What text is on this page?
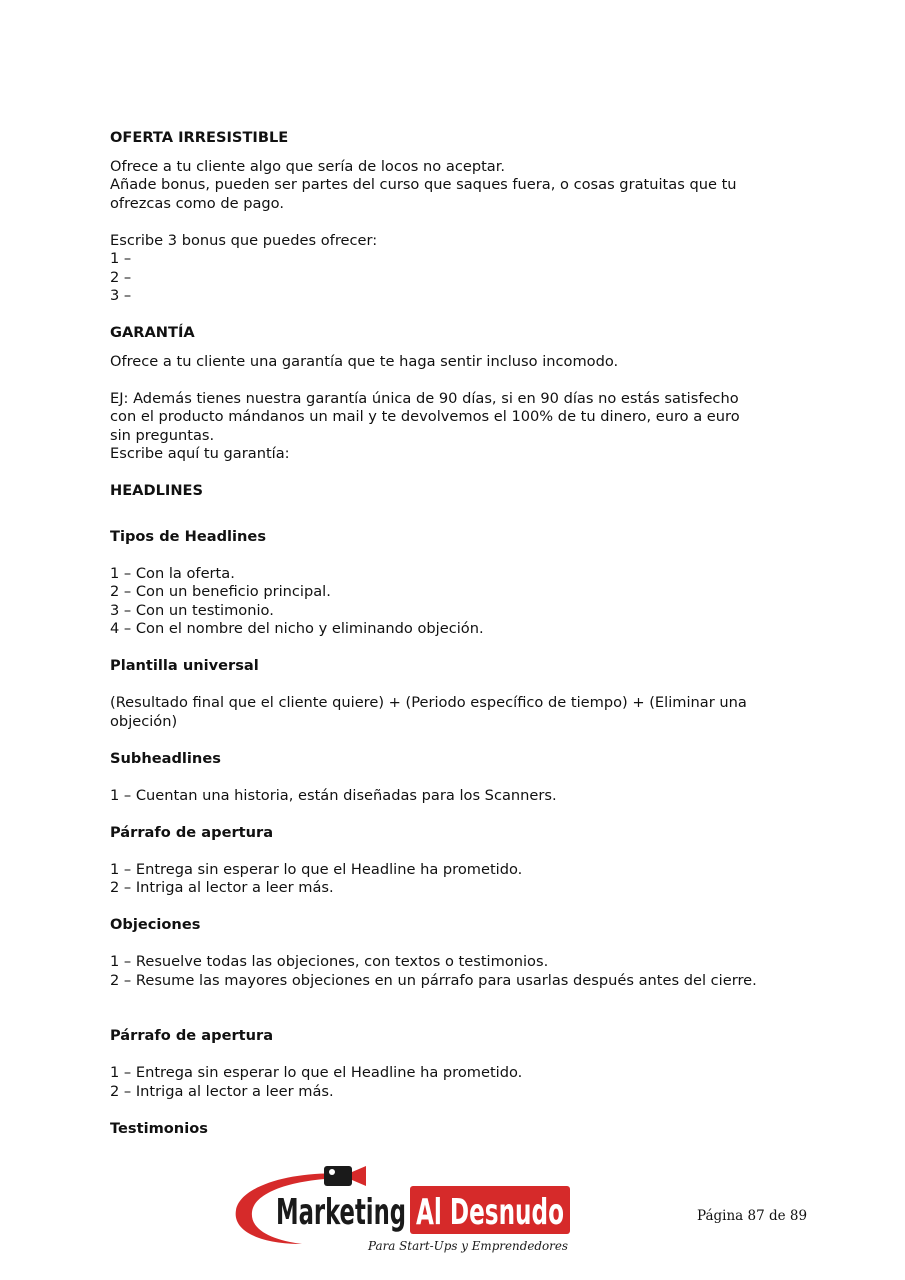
OFERTA IRRESISTIBLE

Ofrece a tu cliente algo que sería de locos no aceptar.

Añade bonus, pueden ser partes del curso que saques fuera, o cosas gratuitas que tu

ofrezcas como de pago.

Escribe 3 bonus que puedes ofrecer:

1 –

2 –

3 –

GARANTÍA

Ofrece a tu cliente una garantía que te haga sentir incluso incomodo.

EJ: Además tienes nuestra garantía única de 90 días, si en 90 días no estás satisfecho

con el producto mándanos un mail y te devolvemos el 100% de tu dinero, euro a euro

sin preguntas.

Escribe aquí tu garantía:

HEADLINES

Tipos de Headlines

1 – Con la oferta.

2 – Con un beneficio principal.

3 – Con un testimonio.

4 – Con el nombre del nicho y eliminando objeción.

Plantilla universal

(Resultado final que el cliente quiere) + (Periodo específico de tiempo) + (Eliminar una

objeción)

Subheadlines

1 – Cuentan una historia, están diseñadas para los Scanners.

Párrafo de apertura

1 – Entrega sin esperar lo que el Headline ha prometido.

2 – Intriga al lector a leer más.

Objeciones

1 – Resuelve todas las objeciones, con textos o testimonios.

2 – Resume las mayores objeciones en un párrafo para usarlas después antes del cierre.

Párrafo de apertura

1 – Entrega sin esperar lo que el Headline ha prometido.

2 – Intriga al lector a leer más.

Testimonios

Marketing Al Desnudo
Para Start-Ups y Emprendedores
Página 87 de 89
